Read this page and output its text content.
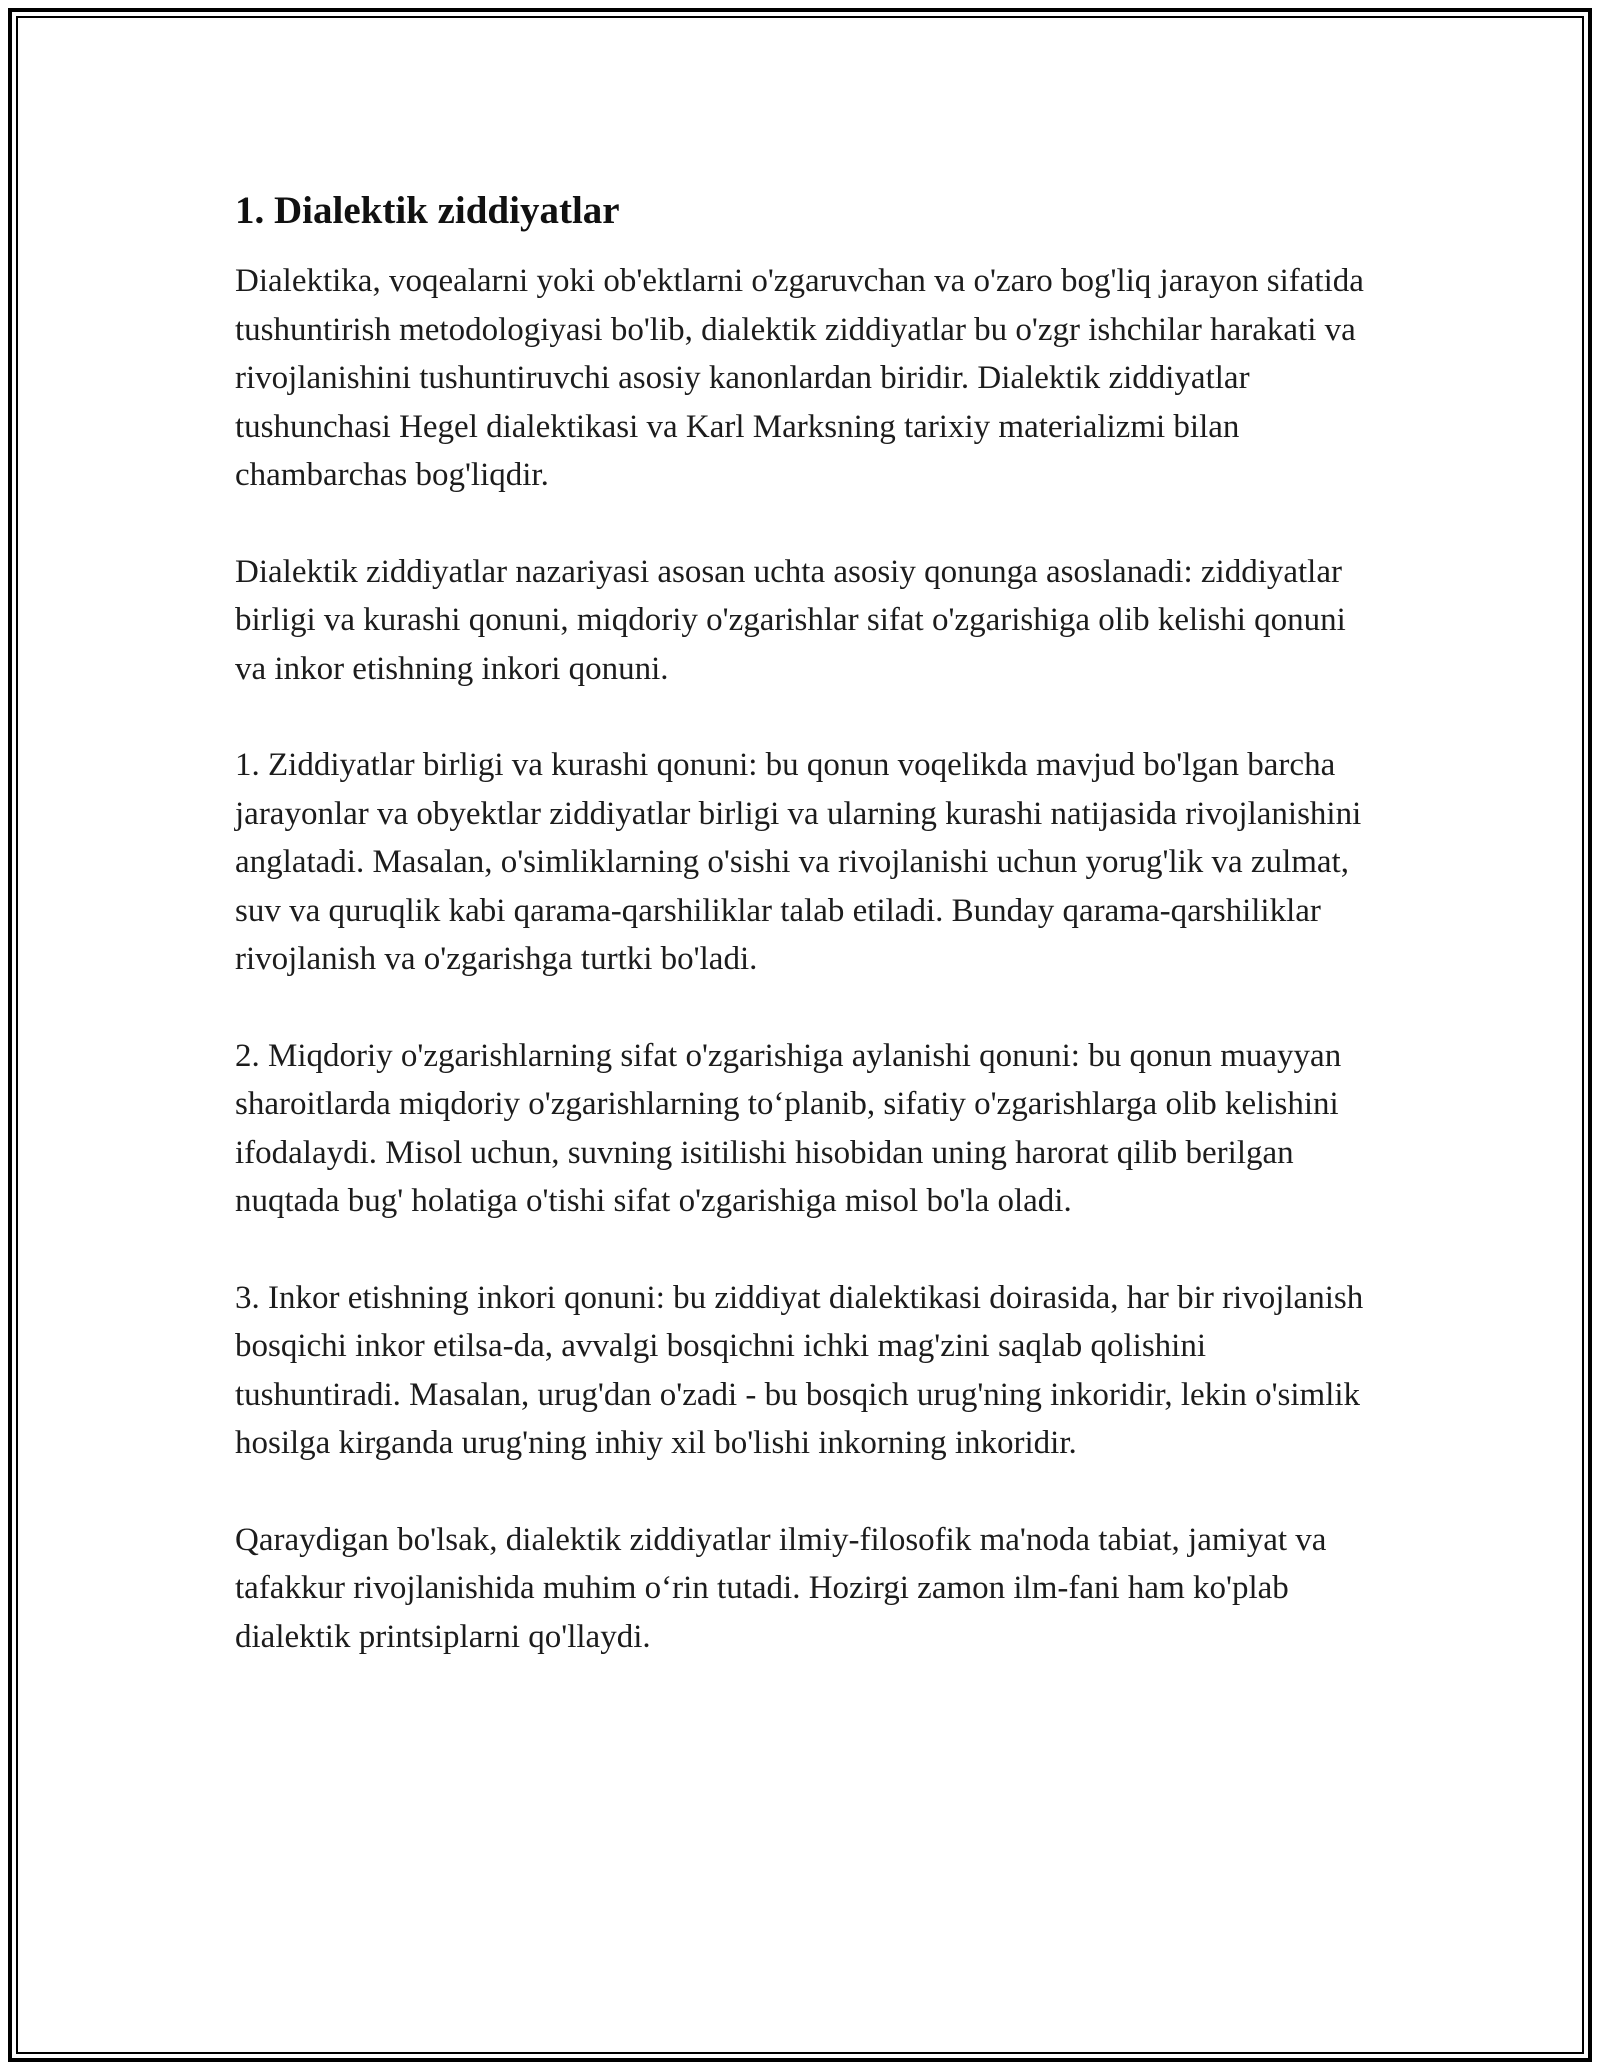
1. Dialektik ziddiyatlar

Dialektika, voqealarni yoki ob'ektlarni o'zgaruvchan va o'zaro bog'liq jarayon sifatida tushuntirish metodologiyasi bo'lib, dialektik ziddiyatlar bu o'zgr ishchilar harakati va rivojlanishini tushuntiruvchi asosiy kanonlardan biridir. Dialektik ziddiyatlar tushunchasi Hegel dialektikasi va Karl Marksning tarixiy materializmi bilan chambarchas bog'liqdir.

Dialektik ziddiyatlar nazariyasi asosan uchta asosiy qonunga asoslanadi: ziddiyatlar birligi va kurashi qonuni, miqdoriy o'zgarishlar sifat o'zgarishiga olib kelishi qonuni va inkor etishning inkori qonuni.

1. Ziddiyatlar birligi va kurashi qonuni: bu qonun voqelikda mavjud bo'lgan barcha jarayonlar va obyektlar ziddiyatlar birligi va ularning kurashi natijasida rivojlanishini anglatadi. Masalan, o'simliklarning o'sishi va rivojlanishi uchun yorug'lik va zulmat, suv va quruqlik kabi qarama-qarshiliklar talab etiladi. Bunday qarama-qarshiliklar rivojlanish va o'zgarishga turtki bo'ladi.

2. Miqdoriy o'zgarishlarning sifat o'zgarishiga aylanishi qonuni: bu qonun muayyan sharoitlarda miqdoriy o'zgarishlarning to‘planib, sifatiy o'zgarishlarga olib kelishini ifodalaydi. Misol uchun, suvning isitilishi hisobidan uning harorat qilib berilgan nuqtada bug' holatiga o'tishi sifat o'zgarishiga misol bo'la oladi.

3. Inkor etishning inkori qonuni: bu ziddiyat dialektikasi doirasida, har bir rivojlanish bosqichi inkor etilsa-da, avvalgi bosqichni ichki mag'zini saqlab qolishini tushuntiradi. Masalan, urug'dan o'zadi - bu bosqich urug'ning inkoridir, lekin o'simlik hosilga kirganda urug'ning inhiy xil bo'lishi inkorning inkoridir.

Qaraydigan bo'lsak, dialektik ziddiyatlar ilmiy-filosofik ma'noda tabiat, jamiyat va tafakkur rivojlanishida muhim o‘rin tutadi. Hozirgi zamon ilm-fani ham ko'plab dialektik printsiplarni qo'llaydi.
